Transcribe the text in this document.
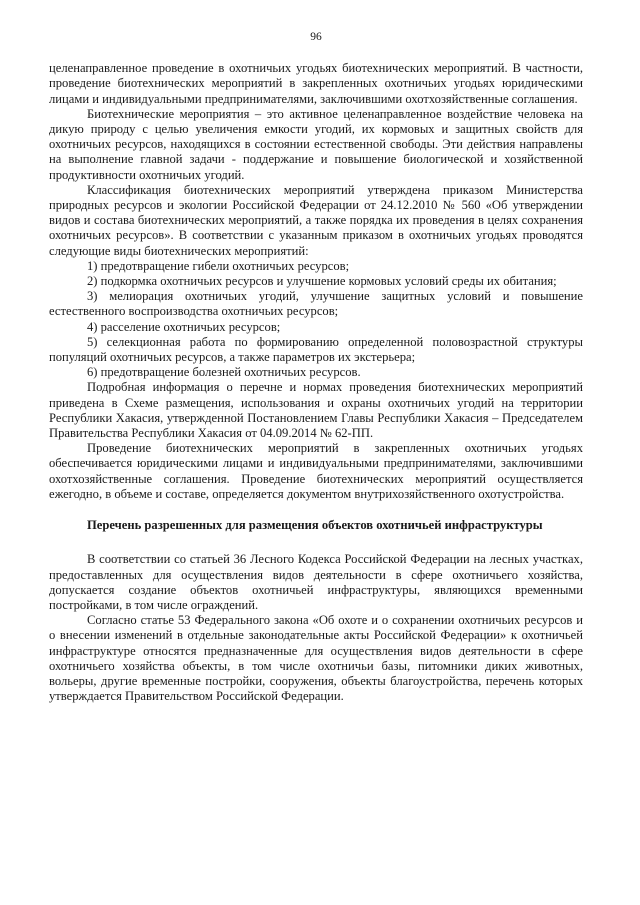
96

целенаправленное проведение в охотничьих угодьях биотехнических мероприятий. В частности, проведение биотехнических мероприятий в закрепленных охотничьих угодьях юридическими лицами и индивидуальными предпринимателями, заключившими охотхозяйственные соглашения.

Биотехнические мероприятия – это активное целенаправленное воздействие человека на дикую природу с целью увеличения емкости угодий, их кормовых и защитных свойств для охотничьих ресурсов, находящихся в состоянии естественной свободы. Эти действия направлены на выполнение главной задачи - поддержание и повышение биологической и хозяйственной продуктивности охотничьих угодий.

Классификация биотехнических мероприятий утверждена приказом Министерства природных ресурсов и экологии Российской Федерации от 24.12.2010 № 560 «Об утверждении видов и состава биотехнических мероприятий, а также порядка их проведения в целях сохранения охотничьих ресурсов». В соответствии с указанным приказом в охотничьих угодьях проводятся следующие виды биотехнических мероприятий:

1) предотвращение гибели охотничьих ресурсов;

2) подкормка охотничьих ресурсов и улучшение кормовых условий среды их обитания;

3) мелиорация охотничьих угодий, улучшение защитных условий и повышение естественного воспроизводства охотничьих ресурсов;

4) расселение охотничьих ресурсов;

5) селекционная работа по формированию определенной половозрастной структуры популяций охотничьих ресурсов, а также параметров их экстерьера;

6) предотвращение болезней охотничьих ресурсов.

Подробная информация о перечне и нормах проведения биотехнических мероприятий приведена в Схеме размещения, использования и охраны охотничьих угодий на территории Республики Хакасия, утвержденной Постановлением Главы Республики Хакасия – Председателем Правительства Республики Хакасия от 04.09.2014 № 62-ПП.

Проведение биотехнических мероприятий в закрепленных охотничьих угодьях обеспечивается юридическими лицами и индивидуальными предпринимателями, заключившими охотхозяйственные соглашения. Проведение биотехнических мероприятий осуществляется ежегодно, в объеме и составе, определяется документом внутрихозяйственного охотустройства.

Перечень разрешенных для размещения объектов охотничьей инфраструктуры

В соответствии со статьей 36 Лесного Кодекса Российской Федерации на лесных участках, предоставленных для осуществления видов деятельности в сфере охотничьего хозяйства, допускается создание объектов охотничьей инфраструктуры, являющихся временными постройками, в том числе ограждений.

Согласно статье 53 Федерального закона «Об охоте и о сохранении охотничьих ресурсов и о внесении изменений в отдельные законодательные акты Российской Федерации» к охотничьей инфраструктуре относятся предназначенные для осуществления видов деятельности в сфере охотничьего хозяйства объекты, в том числе охотничьи базы, питомники диких животных, вольеры, другие временные постройки, сооружения, объекты благоустройства, перечень которых утверждается Правительством Российской Федерации.
